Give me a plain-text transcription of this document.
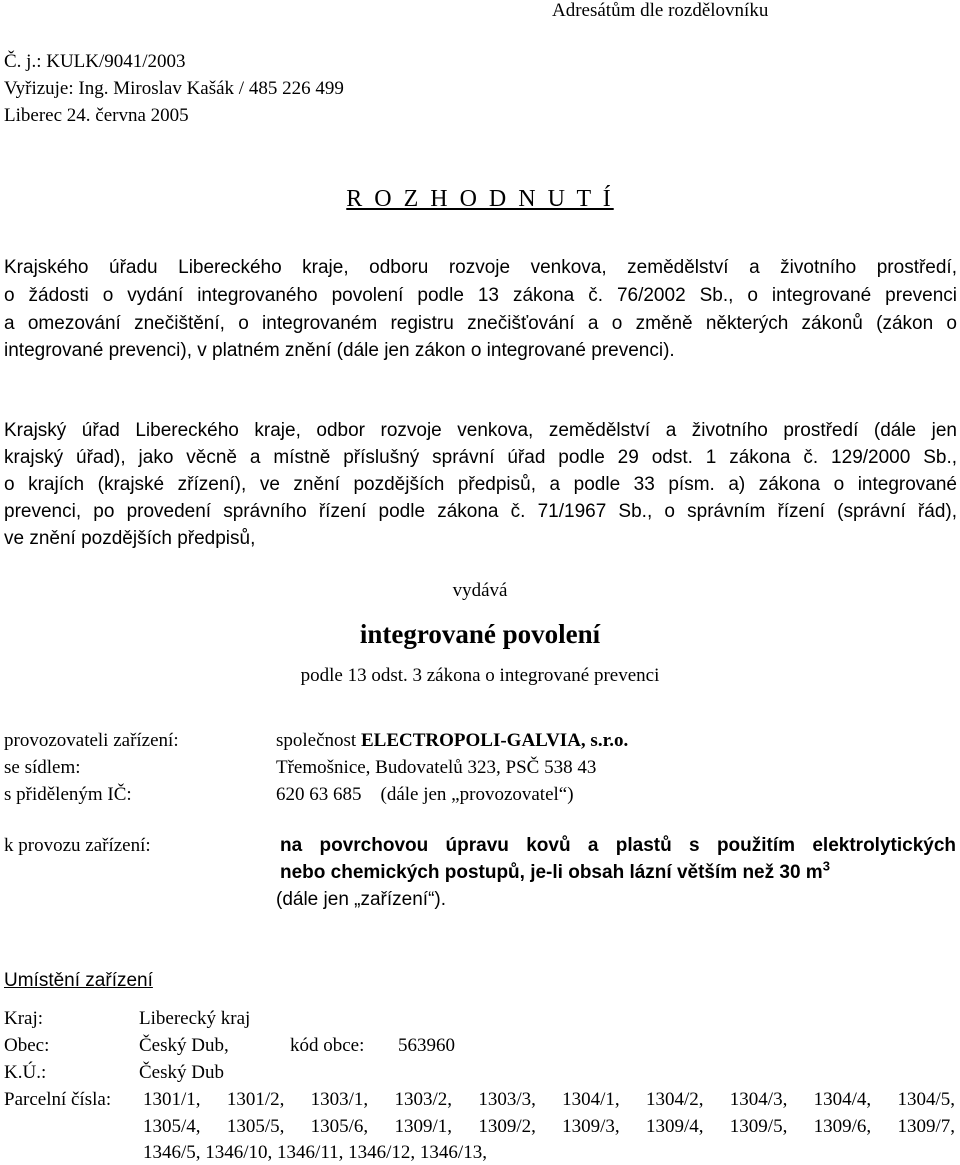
Adresátům dle rozdělovníku
Č. j.: KULK/9041/2003
Vyřizuje: Ing. Miroslav Kašák / 485 226 499
Liberec 24. června 2005
R O Z H O D N U T Í
Krajského úřadu Libereckého kraje, odboru rozvoje venkova, zemědělství a životního prostředí,
o žádosti o vydání integrovaného povolení podle 13 zákona č. 76/2002 Sb., o integrované prevenci
a omezování znečištění, o integrovaném registru znečišťování a o změně některých zákonů (zákon o
integrované prevenci), v platném znění (dále jen zákon o integrované prevenci).
Krajský úřad Libereckého kraje, odbor rozvoje venkova, zemědělství a životního prostředí (dále jen
krajský úřad), jako věcně a místně příslušný správní úřad podle 29 odst. 1 zákona č. 129/2000 Sb.,
o krajích (krajské zřízení), ve znění pozdějších předpisů, a podle 33 písm. a) zákona o integrované
prevenci, po provedení správního řízení podle zákona č. 71/1967 Sb., o správním řízení (správní řád),
ve znění pozdějších předpisů,
vydává
integrované povolení
podle 13 odst. 3 zákona o integrované prevenci
provozovateli zařízení:	společnost ELECTROPOLI-GALVIA, s.r.o.
se sídlem:	Třemošnice, Budovatelů 323, PSČ 538 43
s přiděleným IČ:	620 63 685    (dále jen „provozovatel“)
k provozu zařízení:	na povrchovou úpravu kovů a plastů s použitím elektrolytických
nebo chemických postupů, je-li obsah lázní větším než 30 $m^3$
(dále jen „zařízení“).
Umístění zařízení
Kraj:	Liberecký kraj
Obec:	Český Dub,	kód obce: 563960
K.Ú.:	Český Dub
Parcelní čísla: 1301/1, 1301/2, 1303/1, 1303/2, 1303/3, 1304/1, 1304/2, 1304/3, 1304/4, 1304/5,
1305/4, 1305/5, 1305/6, 1309/1, 1309/2, 1309/3, 1309/4, 1309/5, 1309/6, 1309/7,
1346/5, 1346/10, 1346/11, 1346/12, 1346/13,
